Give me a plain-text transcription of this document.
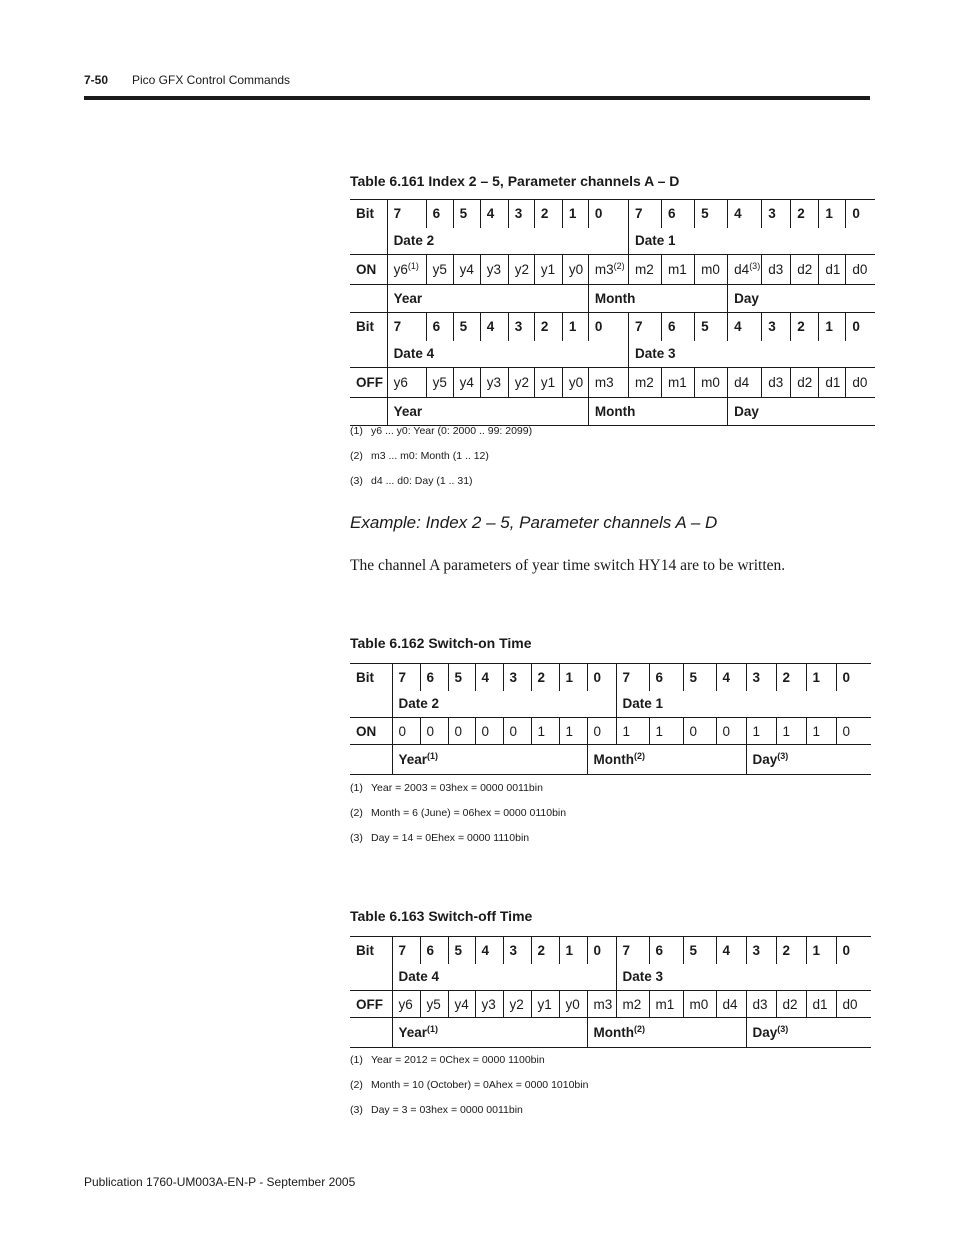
7-50 Pico GFX Control Commands
Table 6.161 Index 2 – 5, Parameter channels A – D
Bit	7	6	5	4	3	2	1	0	7	6	5	4	3	2	1	0
	Date 2								Date 1							
ON	y6$^{(1)}$	y5	y4	y3	y2	y1	y0	m3$^{(2)}$	m2	m1	m0	d4$^{(3)}$	d3	d2	d1	d0
	Year							Month				Day				
Bit	7	6	5	4	3	2	1	0	7	6	5	4	3	2	1	0
	Date 4								Date 3							
OFF	y6	y5	y4	y3	y2	y1	y0	m3	m2	m1	m0	d4	d3	d2	d1	d0
	Year							Month				Day				
(1) y6 ... y0: Year (0: 2000 .. 99: 2099)
(2) m3 ... m0: Month (1 .. 12)
(3) d4 ... d0: Day (1 .. 31)
Example: Index 2 – 5, Parameter channels A – D
The channel A parameters of year time switch HY14 are to be written.
Table 6.162 Switch-on Time
Bit	7	6	5	4	3	2	1	0	7	6	5	4	3	2	1	0
	Date 2								Date 1							
ON	0	0	0	0	0	1	1	0	1	1	0	0	1	1	1	0
	Year$^{(1)}$							Month$^{(2)}$					Day$^{(3)}$
(1) Year = 2003 = 03hex = 0000 0011bin
(2) Month = 6 (June) = 06hex = 0000 0110bin
(3) Day = 14 = 0Ehex = 0000 1110bin
Table 6.163 Switch-off Time
Bit	7	6	5	4	3	2	1	0	7	6	5	4	3	2	1	0
	Date 4								Date 3							
OFF	y6	y5	y4	y3	y2	y1	y0	m3	m2	m1	m0	d4	d3	d2	d1	d0
	Year$^{(1)}$							Month$^{(2)}$					Day$^{(3)}$
(1) Year = 2012 = 0Chex = 0000 1100bin
(2) Month = 10 (October) = 0Ahex = 0000 1010bin
(3) Day = 3 = 03hex = 0000 0011bin
Publication 1760-UM003A-EN-P - September 2005
